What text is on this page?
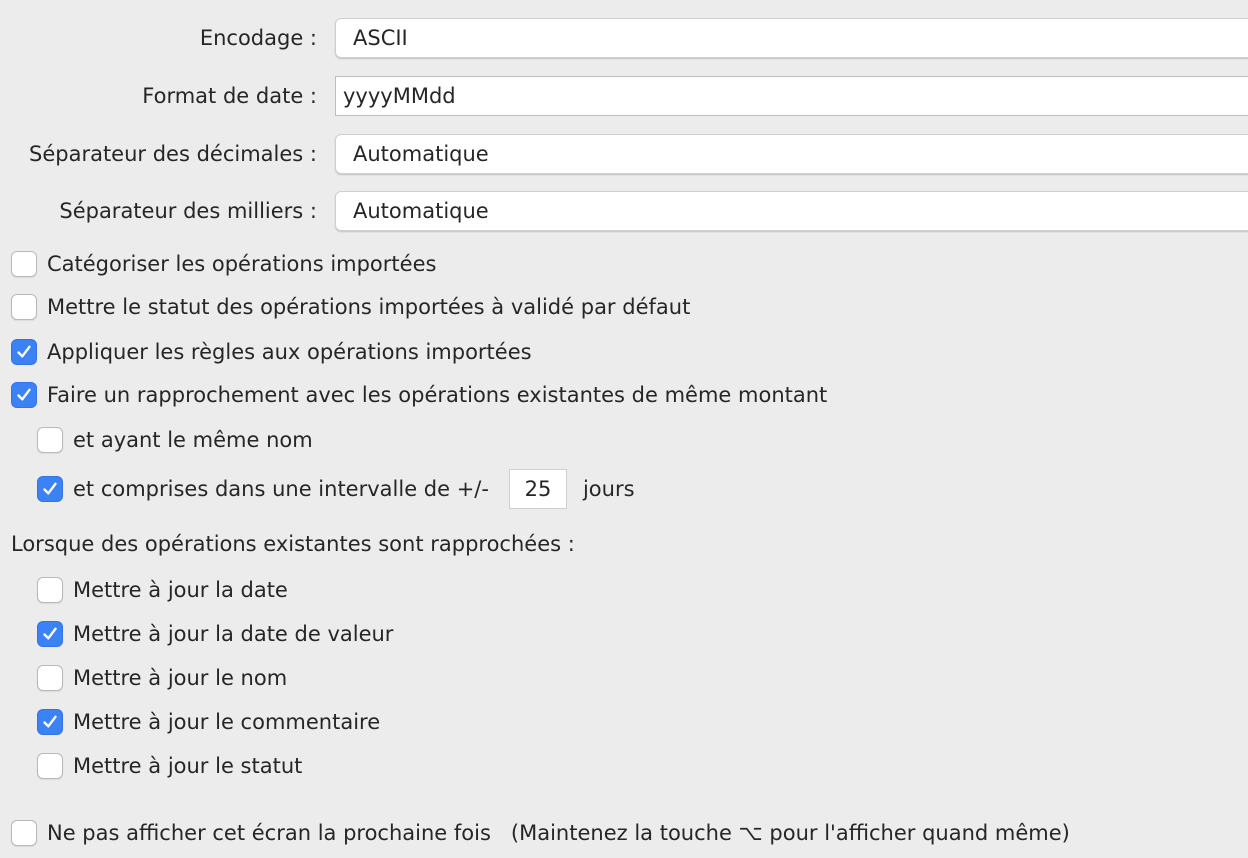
Encodage :	ASCII
Format de date :	yyyyMMdd
Séparateur des décimales :	Automatique
Séparateur des milliers :	Automatique
Catégoriser les opérations importées
Mettre le statut des opérations importées à validé par défaut
Appliquer les règles aux opérations importées
Faire un rapprochement avec les opérations existantes de même montant
et ayant le même nom
et comprises dans une intervalle de +/-	25	jours
Lorsque des opérations existantes sont rapprochées :
Mettre à jour la date
Mettre à jour la date de valeur
Mettre à jour le nom
Mettre à jour le commentaire
Mettre à jour le statut
Ne pas afficher cet écran la prochaine fois (Maintenez la touche ⌥ pour l'afficher quand même)
